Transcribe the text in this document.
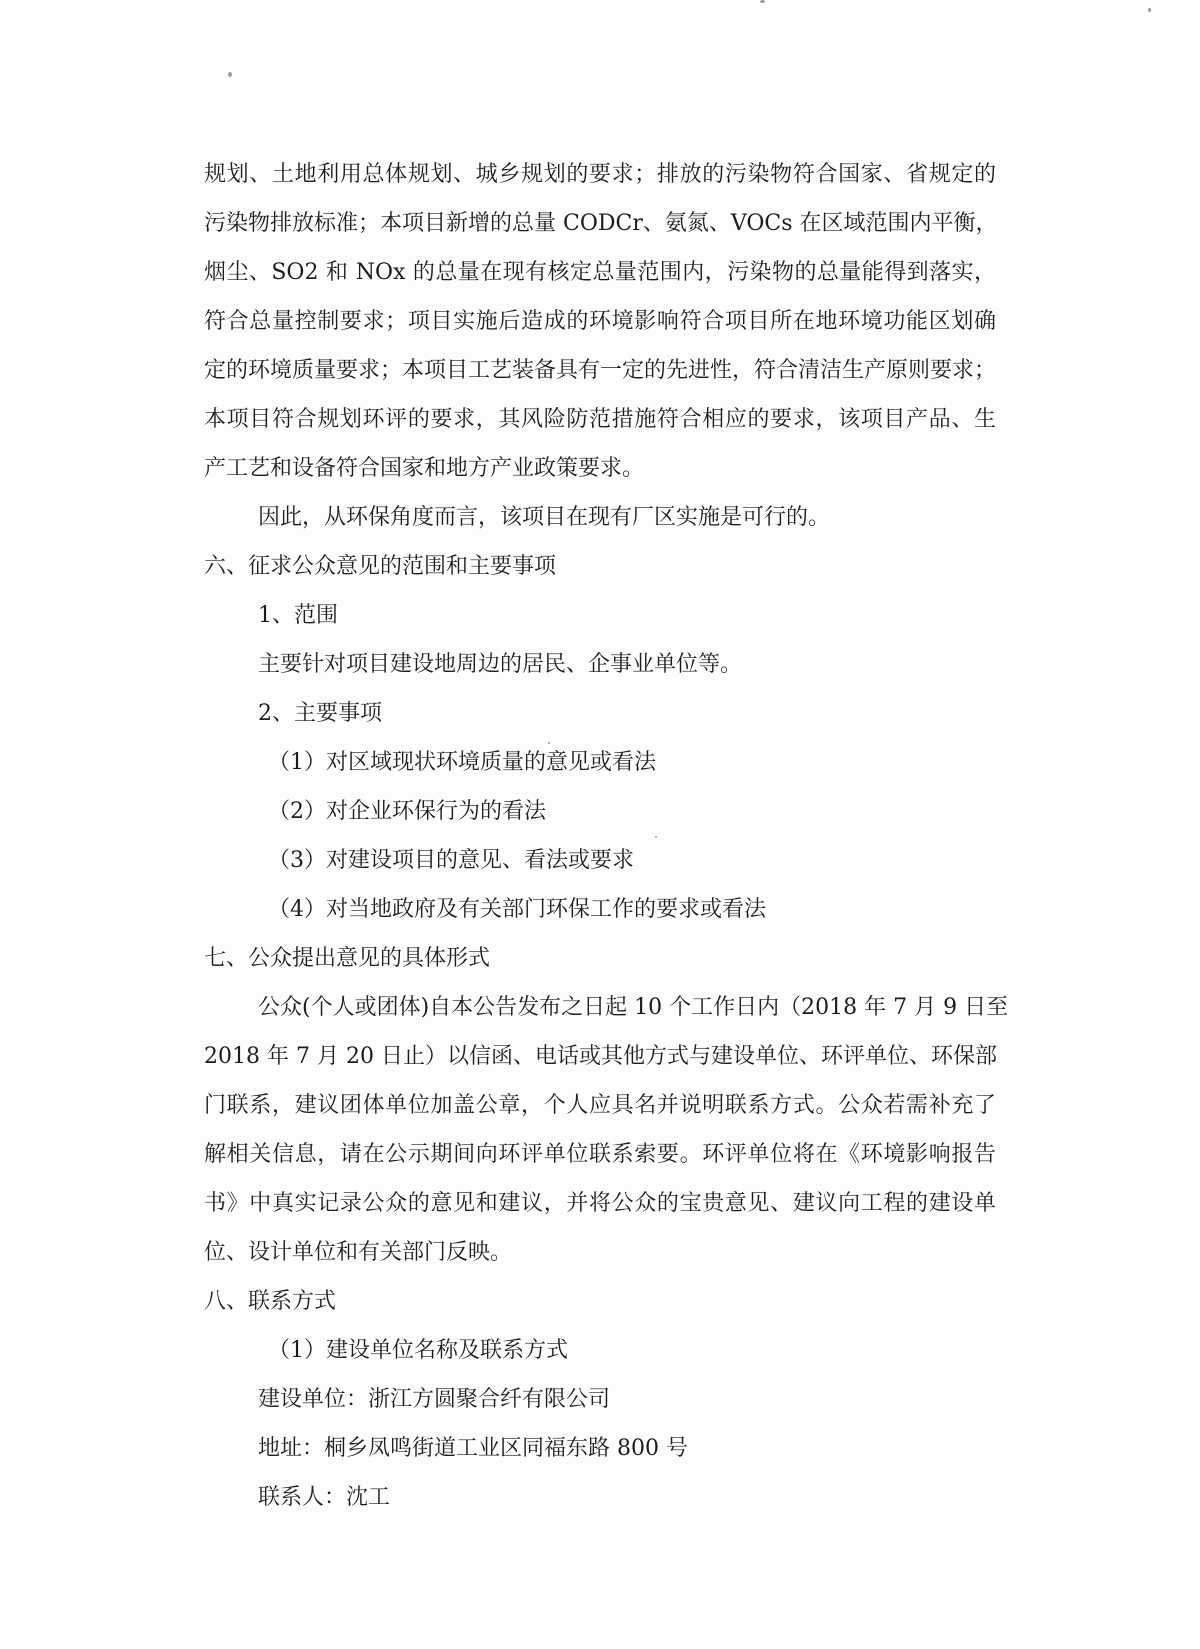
规划、土地利用总体规划、城乡规划的要求；排放的污染物符合国家、省规定的
污染物排放标准；本项目新增的总量 CODCr、氨氮、VOCs 在区域范围内平衡，
烟尘、SO2 和 NOx 的总量在现有核定总量范围内，污染物的总量能得到落实，
符合总量控制要求；项目实施后造成的环境影响符合项目所在地环境功能区划确
定的环境质量要求；本项目工艺装备具有一定的先进性，符合清洁生产原则要求；
本项目符合规划环评的要求，其风险防范措施符合相应的要求，该项目产品、生
产工艺和设备符合国家和地方产业政策要求。
因此，从环保角度而言，该项目在现有厂区实施是可行的。
六、征求公众意见的范围和主要事项
1、范围
主要针对项目建设地周边的居民、企事业单位等。
2、主要事项
（1）对区域现状环境质量的意见或看法
（2）对企业环保行为的看法
（3）对建设项目的意见、看法或要求
（4）对当地政府及有关部门环保工作的要求或看法
七、公众提出意见的具体形式
公众(个人或团体)自本公告发布之日起 10 个工作日内（2018 年 7 月 9 日至
2018 年 7 月 20 日止）以信函、电话或其他方式与建设单位、环评单位、环保部
门联系，建议团体单位加盖公章，个人应具名并说明联系方式。公众若需补充了
解相关信息，请在公示期间向环评单位联系索要。环评单位将在《环境影响报告
书》中真实记录公众的意见和建议，并将公众的宝贵意见、建议向工程的建设单
位、设计单位和有关部门反映。
八、联系方式
（1）建设单位名称及联系方式
建设单位：浙江方圆聚合纤有限公司
地址：桐乡凤鸣街道工业区同福东路 800 号
联系人：沈工
